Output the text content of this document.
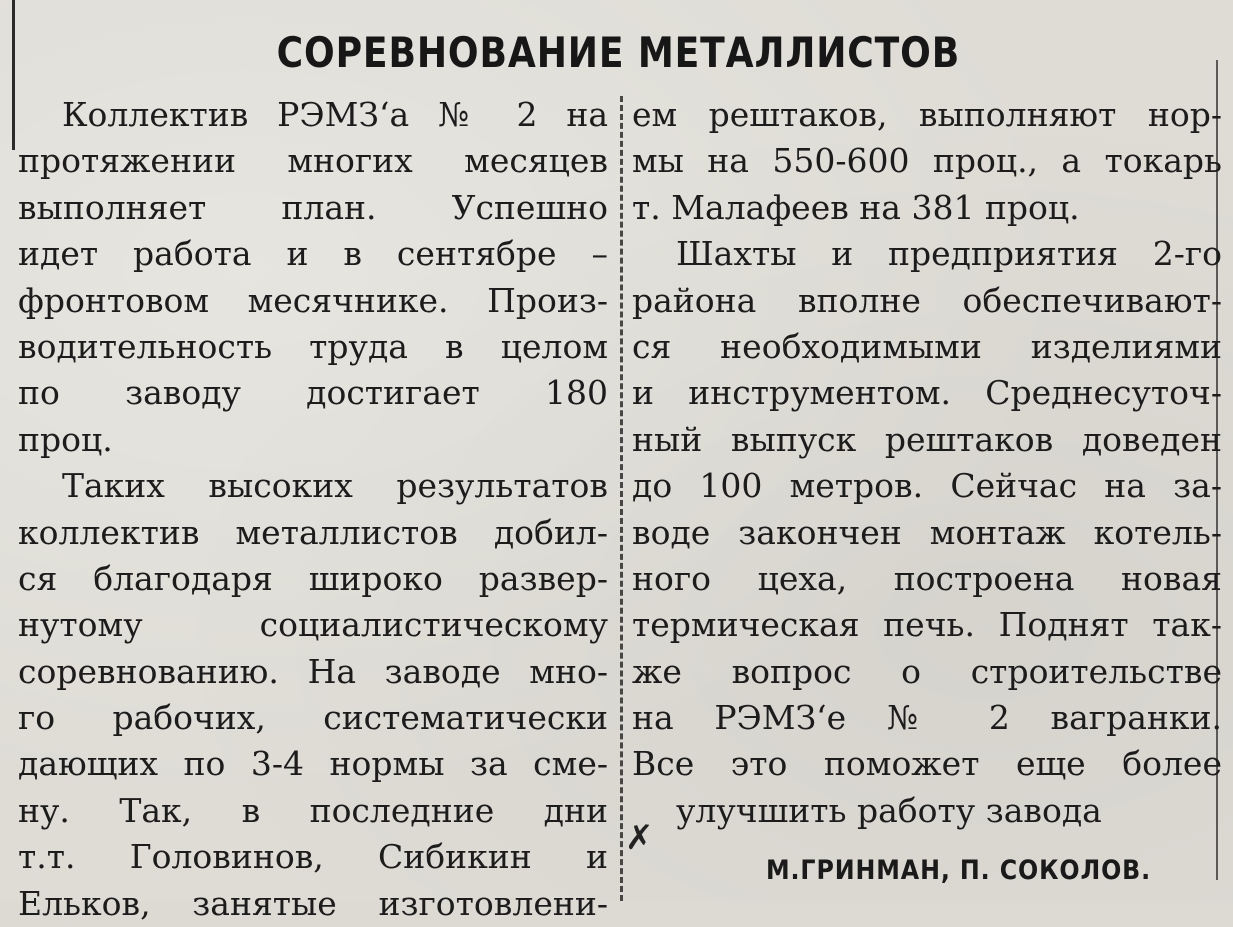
СОРЕВНОВАНИЕ МЕТАЛЛИСТОВ
Коллектив РЭМЗ‘а № 2 на
протяжении многих месяцев
выполняет план. Успешно
идет работа и в сентябре –
фронтовом месячнике. Произ-
водительность труда в целом
по заводу достигает 180
проц.
Таких высоких результатов
коллектив металлистов добил-
ся благодаря широко развер-
нутому социалистическому
соревнованию. На заводе мно-
го рабочих, систематически
дающих по 3-4 нормы за сме-
ну. Так, в последние дни
т.т. Головинов, Сибикин и
Ельков, занятые изготовлени-
ем рештаков, выполняют нор-
мы на 550-600 проц., а токарь
т. Малафеев на 381 проц.
Шахты и предприятия 2-го
района вполне обеспечивают-
ся необходимыми изделиями
и инструментом. Среднесуточ-
ный выпуск рештаков доведен
до 100 метров. Сейчас на за-
воде закончен монтаж котель-
ного цеха, построена новая
термическая печь. Поднят так-
же вопрос о строительстве
на РЭМЗ‘е № 2 вагранки.
Все это поможет еще более
улучшить работу завода
✗
М.ГРИНМАН, П. СОКОЛОВ.
